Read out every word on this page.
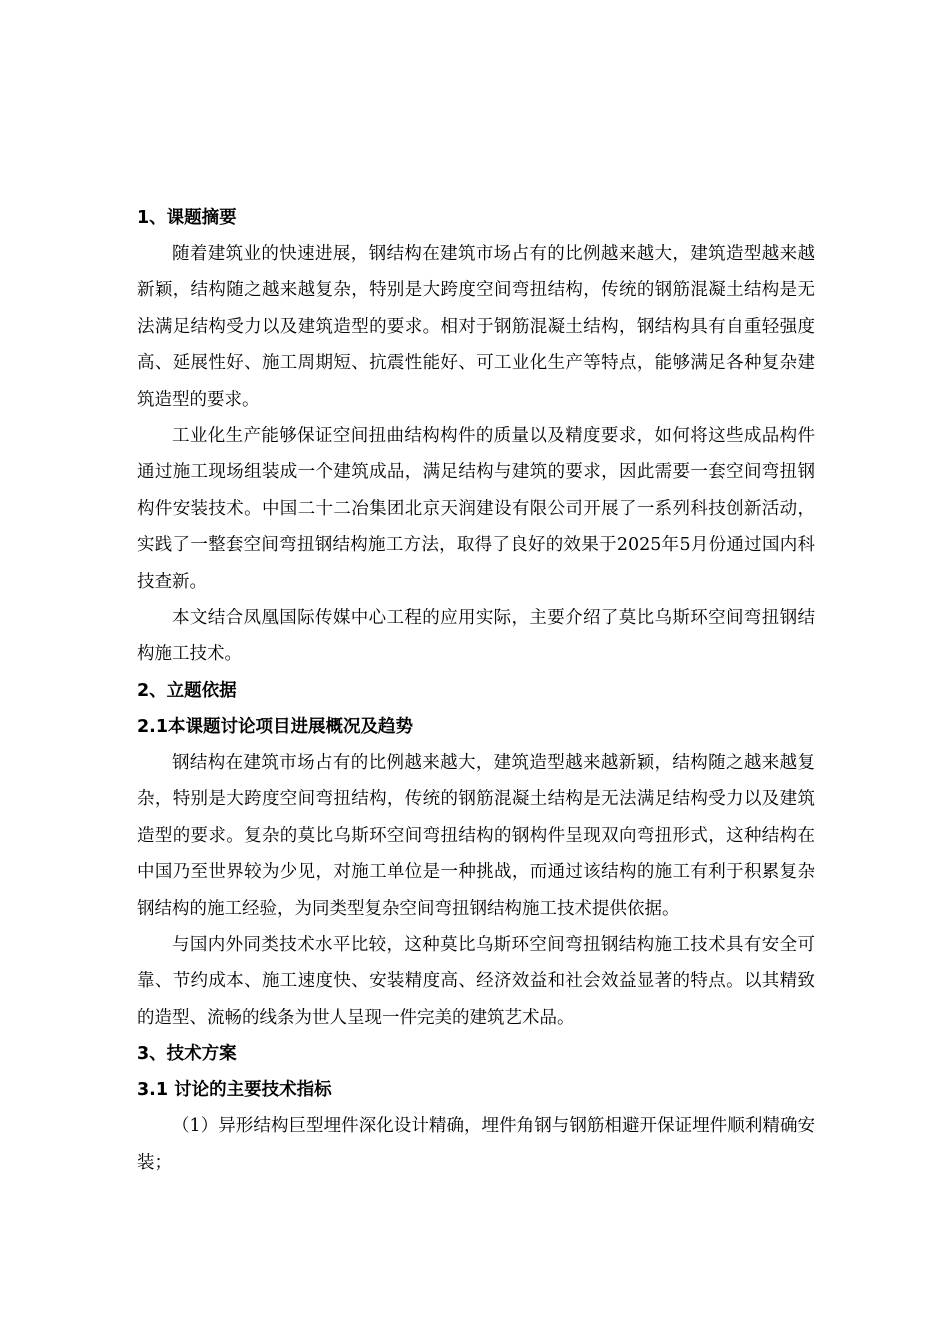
1、课题摘要

随着建筑业的快速进展，钢结构在建筑市场占有的比例越来越大，建筑造型越来越新颖，结构随之越来越复杂，特别是大跨度空间弯扭结构，传统的钢筋混凝土结构是无法满足结构受力以及建筑造型的要求。相对于钢筋混凝土结构，钢结构具有自重轻强度高、延展性好、施工周期短、抗震性能好、可工业化生产等特点，能够满足各种复杂建筑造型的要求。

工业化生产能够保证空间扭曲结构构件的质量以及精度要求，如何将这些成品构件通过施工现场组装成一个建筑成品，满足结构与建筑的要求，因此需要一套空间弯扭钢构件安装技术。中国二十二冶集团北京天润建设有限公司开展了一系列科技创新活动，实践了一整套空间弯扭钢结构施工方法，取得了良好的效果于2025年5月份通过国内科技查新。

本文结合凤凰国际传媒中心工程的应用实际，主要介绍了莫比乌斯环空间弯扭钢结构施工技术。

2、立题依据
2.1本课题讨论项目进展概况及趋势

钢结构在建筑市场占有的比例越来越大，建筑造型越来越新颖，结构随之越来越复杂，特别是大跨度空间弯扭结构，传统的钢筋混凝土结构是无法满足结构受力以及建筑造型的要求。复杂的莫比乌斯环空间弯扭结构的钢构件呈现双向弯扭形式，这种结构在中国乃至世界较为少见，对施工单位是一种挑战，而通过该结构的施工有利于积累复杂钢结构的施工经验，为同类型复杂空间弯扭钢结构施工技术提供依据。

与国内外同类技术水平比较，这种莫比乌斯环空间弯扭钢结构施工技术具有安全可靠、节约成本、施工速度快、安装精度高、经济效益和社会效益显著的特点。以其精致的造型、流畅的线条为世人呈现一件完美的建筑艺术品。

3、技术方案
3.1 讨论的主要技术指标

（1）异形结构巨型埋件深化设计精确，埋件角钢与钢筋相避开保证埋件顺利精确安装；
